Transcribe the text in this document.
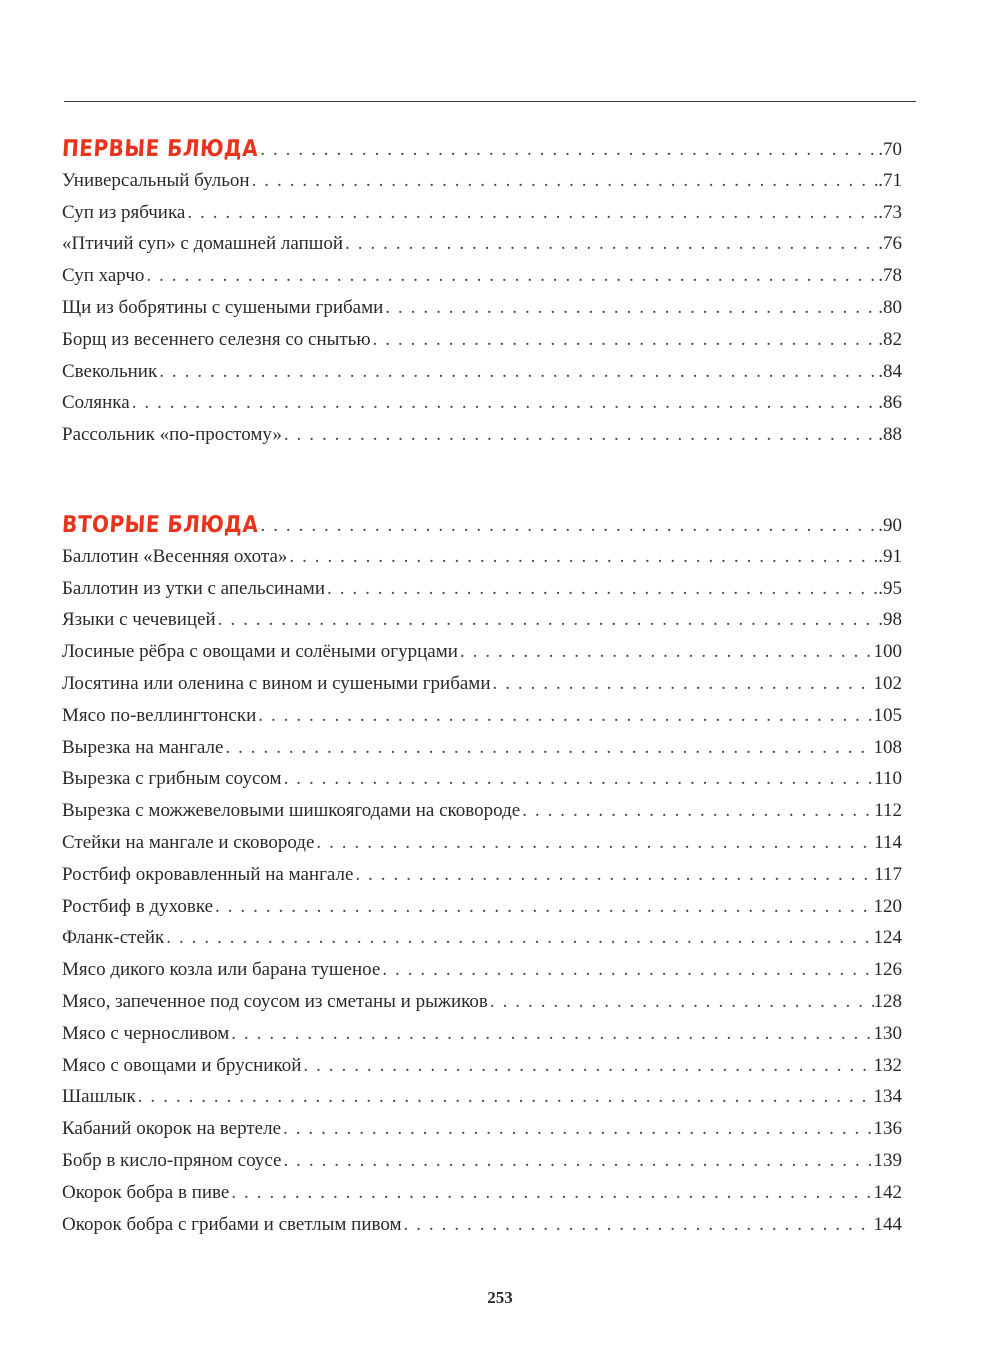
ПЕРВЫЕ БЛЮДА . . .	.70
Универсальный бульон . . .	.71
Суп из рябчика . . .	.73
«Птичий суп» с домашней лапшой . . .	.76
Суп харчо . . .	.78
Щи из бобрятины с сушеными грибами . . .	.80
Борщ из весеннего селезня со снытью . . .	.82
Свекольник . . .	.84
Солянка . . .	.86
Рассольник «по-простому» . . .	.88
ВТОРЫЕ БЛЮДА . . .	.90
Баллотин «Весенняя охота» . . .	.91
Баллотин из утки с апельсинами . . .	.95
Языки с чечевицей . . .	.98
Лосиные рёбра с овощами и солёными огурцами . . .	100
Лосятина или оленина с вином и сушеными грибами . . .	102
Мясо по-веллингтонски . . .	105
Вырезка на мангале . . .	108
Вырезка с грибным соусом . . .	110
Вырезка с можжевеловыми шишкоягодами на сковороде . . .	112
Стейки на мангале и сковороде . . .	114
Ростбиф окровавленный на мангале . . .	117
Ростбиф в духовке . . .	120
Фланк-стейк . . .	124
Мясо дикого козла или барана тушеное . . .	126
Мясо, запеченное под соусом из сметаны и рыжиков . . .	128
Мясо с черносливом . . .	130
Мясо с овощами и брусникой . . .	132
Шашлык . . .	134
Кабаний окорок на вертеле . . .	136
Бобр в кисло-пряном соусе . . .	139
Окорок бобра в пиве . . .	142
Окорок бобра с грибами и светлым пивом . . .	144
253
